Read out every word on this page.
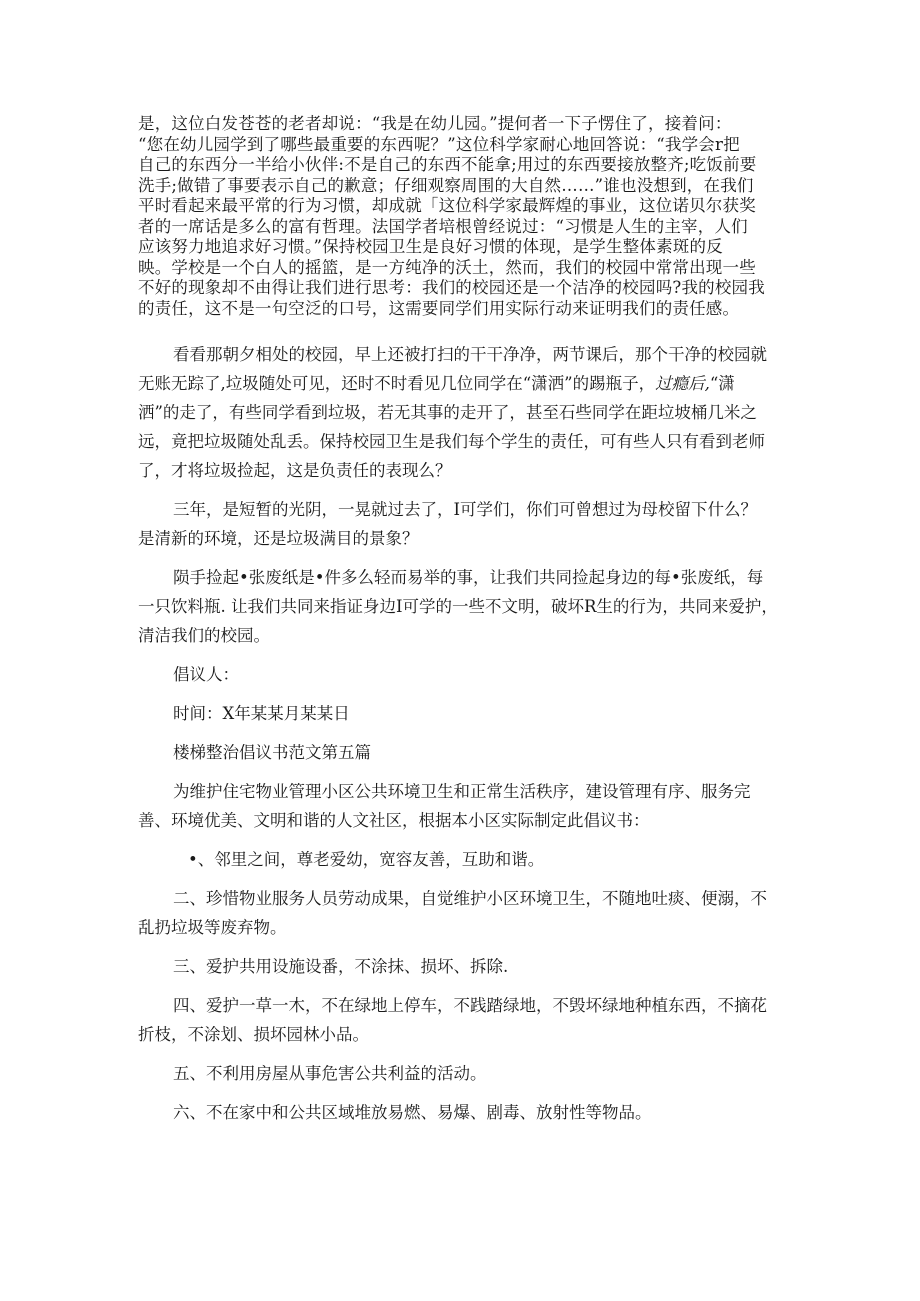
是，这位白发苍苍的老者却说：“我是在幼儿园。”提何者一下子愣住了，接着问：
“您在幼儿园学到了哪些最重要的东西呢？”这位科学家耐心地回答说：“我学会r把
自己的东西分一半给小伙伴:不是自己的东西不能拿;用过的东西要接放整齐;吃饭前要
洗手;做错了事要表示自己的歉意；仔细观察周围的大自然……”谁也没想到，在我们
平时看起来最平常的行为习惯，却成就「这位科学家最辉煌的事业，这位诺贝尔获奖
者的一席话是多么的富有哲理。法国学者培根曾经说过：“习惯是人生的主宰，人们
应该努力地追求好习惯。”保持校园卫生是良好习惯的体现，是学生整体素斑的反
映。学校是一个白人的摇篮，是一方纯净的沃土，然而，我们的校园中常常出现一些
不好的现象却不由得让我们进行思考：我们的校园还是一个洁净的校园吗?我的校园我
的责任，这不是一句空泛的口号，这需要同学们用实际行动来证明我们的责任感。
看看那朝夕相处的校园，早上还被打扫的干干净净，两节课后，那个干净的校园就
无账无踪了,垃圾随处可见，还时不时看见几位同学在“潇洒”的踢瓶子，过瘾后,“潇
洒”的走了，有些同学看到垃圾，若无其事的走开了，甚至石些同学在距垃坡桶几米之
远，竟把垃圾随处乱丢。保持校园卫生是我们每个学生的责任，可有些人只有看到老师
了，才将垃圾捡起，这是负责任的表现么？
三年，是短暂的光阴，一晃就过去了，I可学们，你们可曾想过为母校留下什么？
是清新的环境，还是垃圾满目的景象？
陨手捡起•张废纸是•件多么轻而易举的事，让我们共同捡起身边的每•张废纸，每
一只饮料瓶. 让我们共同来指证身边I可学的一些不文明，破坏R生的行为，共同来爱护，
清洁我们的校园。

倡议人：

时间：X年某某月某某日

楼梯整治倡议书范文第五篇

为维护住宅物业管理小区公共环境卫生和正常生活秩序，建设管理有序、服务完
善、环境优美、文明和谐的人文社区，根据本小区实际制定此倡议书：

•、邻里之间，尊老爱幼，宽容友善，互助和谐。

二、珍惜物业服务人员劳动成果，自觉维护小区环境卫生，不随地吐痰、便溺，不
乱扔垃圾等废弃物。

三、爱护共用设施设番，不涂抹、损坏、拆除.

四、爱护一草一木，不在绿地上停车，不践踏绿地，不毁坏绿地种植东西，不摘花
折枝，不涂划、损坏园林小品。

五、不利用房屋从事危害公共利益的活动。

六、不在家中和公共区域堆放易燃、易爆、剧毒、放射性等物品。
